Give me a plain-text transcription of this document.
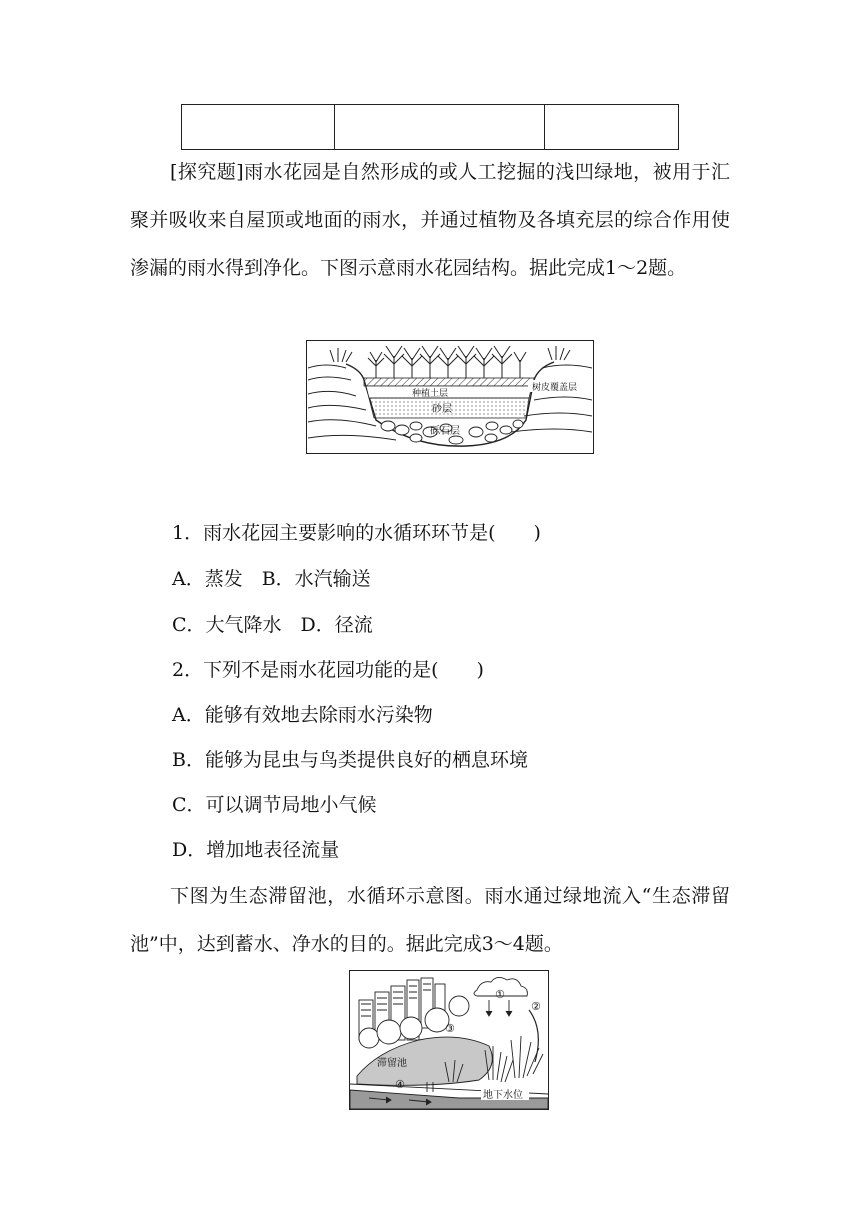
[探究题]雨水花园是自然形成的或人工挖掘的浅凹绿地，被用于汇聚并吸收来自屋顶或地面的雨水，并通过植物及各填充层的综合作用使渗漏的雨水得到净化。下图示意雨水花园结构。据此完成1～2题。
种植土层
砂层
砾石层
树皮覆盖层
1．雨水花园主要影响的水循环环节是(　　)
A．蒸发　B．水汽输送
C．大气降水　D．径流
2．下列不是雨水花园功能的是(　　)
A．能够有效地去除雨水污染物
B．能够为昆虫与鸟类提供良好的栖息环境
C．可以调节局地小气候
D．增加地表径流量
下图为生态滞留池，水循环示意图。雨水通过绿地流入“生态滞留池”中，达到蓄水、净水的目的。据此完成3～4题。
①
②
③
④
滞留池
地下水位
